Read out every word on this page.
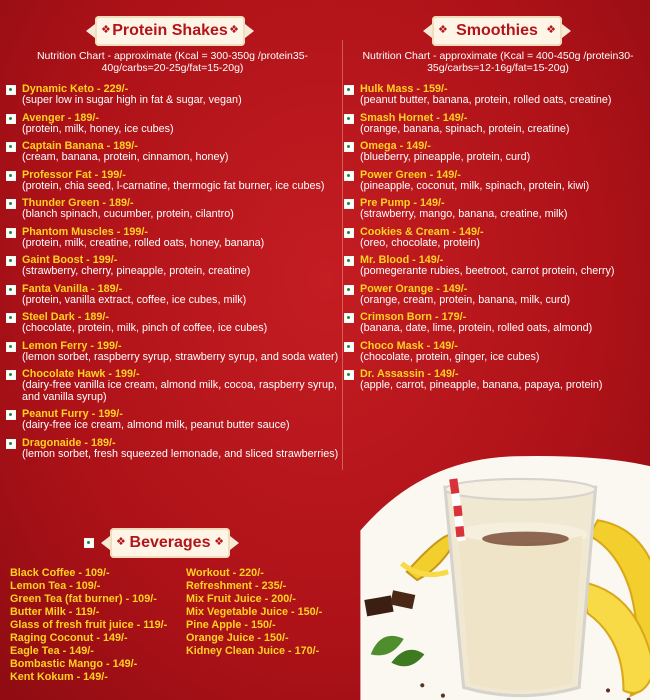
❖ Protein Shakes ❖
Nutrition Chart - approximate (Kcal = 300-350g /protein35-40g/carbs=20-25g/fat=15-20g)
Dynamic Keto - 229/-
(super low in sugar high in fat & sugar, vegan)
Avenger - 189/-
(protein, milk, honey, ice cubes)
Captain Banana - 189/-
(cream, banana, protein, cinnamon, honey)
Professor Fat - 199/-
(protein, chia seed, l-carnatine, thermogic fat burner, ice cubes)
Thunder Green - 189/-
(blanch spinach, cucumber, protein, cilantro)
Phantom Muscles - 199/-
(protein, milk, creatine, rolled oats, honey, banana)
Gaint Boost - 199/-
(strawberry, cherry, pineapple, protein, creatine)
Fanta Vanilla - 189/-
(protein, vanilla extract, coffee, ice cubes, milk)
Steel Dark - 189/-
(chocolate, protein, milk, pinch of coffee, ice cubes)
Lemon Ferry - 199/-
(lemon sorbet, raspberry syrup, strawberry syrup, and soda water)
Chocolate Hawk - 199/-
(dairy-free vanilla ice cream, almond milk, cocoa, raspberry syrup, and vanilla syrup)
Peanut Furry - 199/-
(dairy-free ice cream, almond milk, peanut butter sauce)
Dragonaide - 189/-
(lemon sorbet, fresh squeezed lemonade, and sliced strawberries)
❖ Smoothies ❖
Nutrition Chart - approximate (Kcal = 400-450g /protein30-35g/carbs=12-16g/fat=15-20g)
Hulk Mass - 159/-
(peanut butter, banana, protein, rolled oats, creatine)
Smash Hornet - 149/-
(orange, banana, spinach, protein, creatine)
Omega - 149/-
(blueberry, pineapple, protein, curd)
Power Green - 149/-
(pineapple, coconut, milk, spinach, protein, kiwi)
Pre Pump - 149/-
(strawberry, mango, banana, creatine, milk)
Cookies & Cream - 149/-
(oreo, chocolate, protein)
Mr. Blood - 149/-
(pomegerante rubies, beetroot, carrot protein, cherry)
Power Orange - 149/-
(orange, cream, protein, banana, milk, curd)
Crimson Born - 179/-
(banana, date, lime, protein, rolled oats, almond)
Choco Mask - 149/-
(chocolate, protein, ginger, ice cubes)
Dr. Assassin - 149/-
(apple, carrot, pineapple, banana, papaya, protein)
❖ Beverages ❖
Black Coffee - 109/-
Lemon Tea - 109/-
Green Tea (fat burner) - 109/-
Butter Milk - 119/-
Glass of fresh fruit juice - 119/-
Raging Coconut - 149/-
Eagle Tea - 149/-
Bombastic Mango - 149/-
Kent Kokum - 149/-
Workout - 220/-
Refreshment - 235/-
Mix Fruit Juice - 200/-
Mix Vegetable Juice - 150/-
Pine Apple - 150/-
Orange Juice - 150/-
Kidney Clean Juice - 170/-
